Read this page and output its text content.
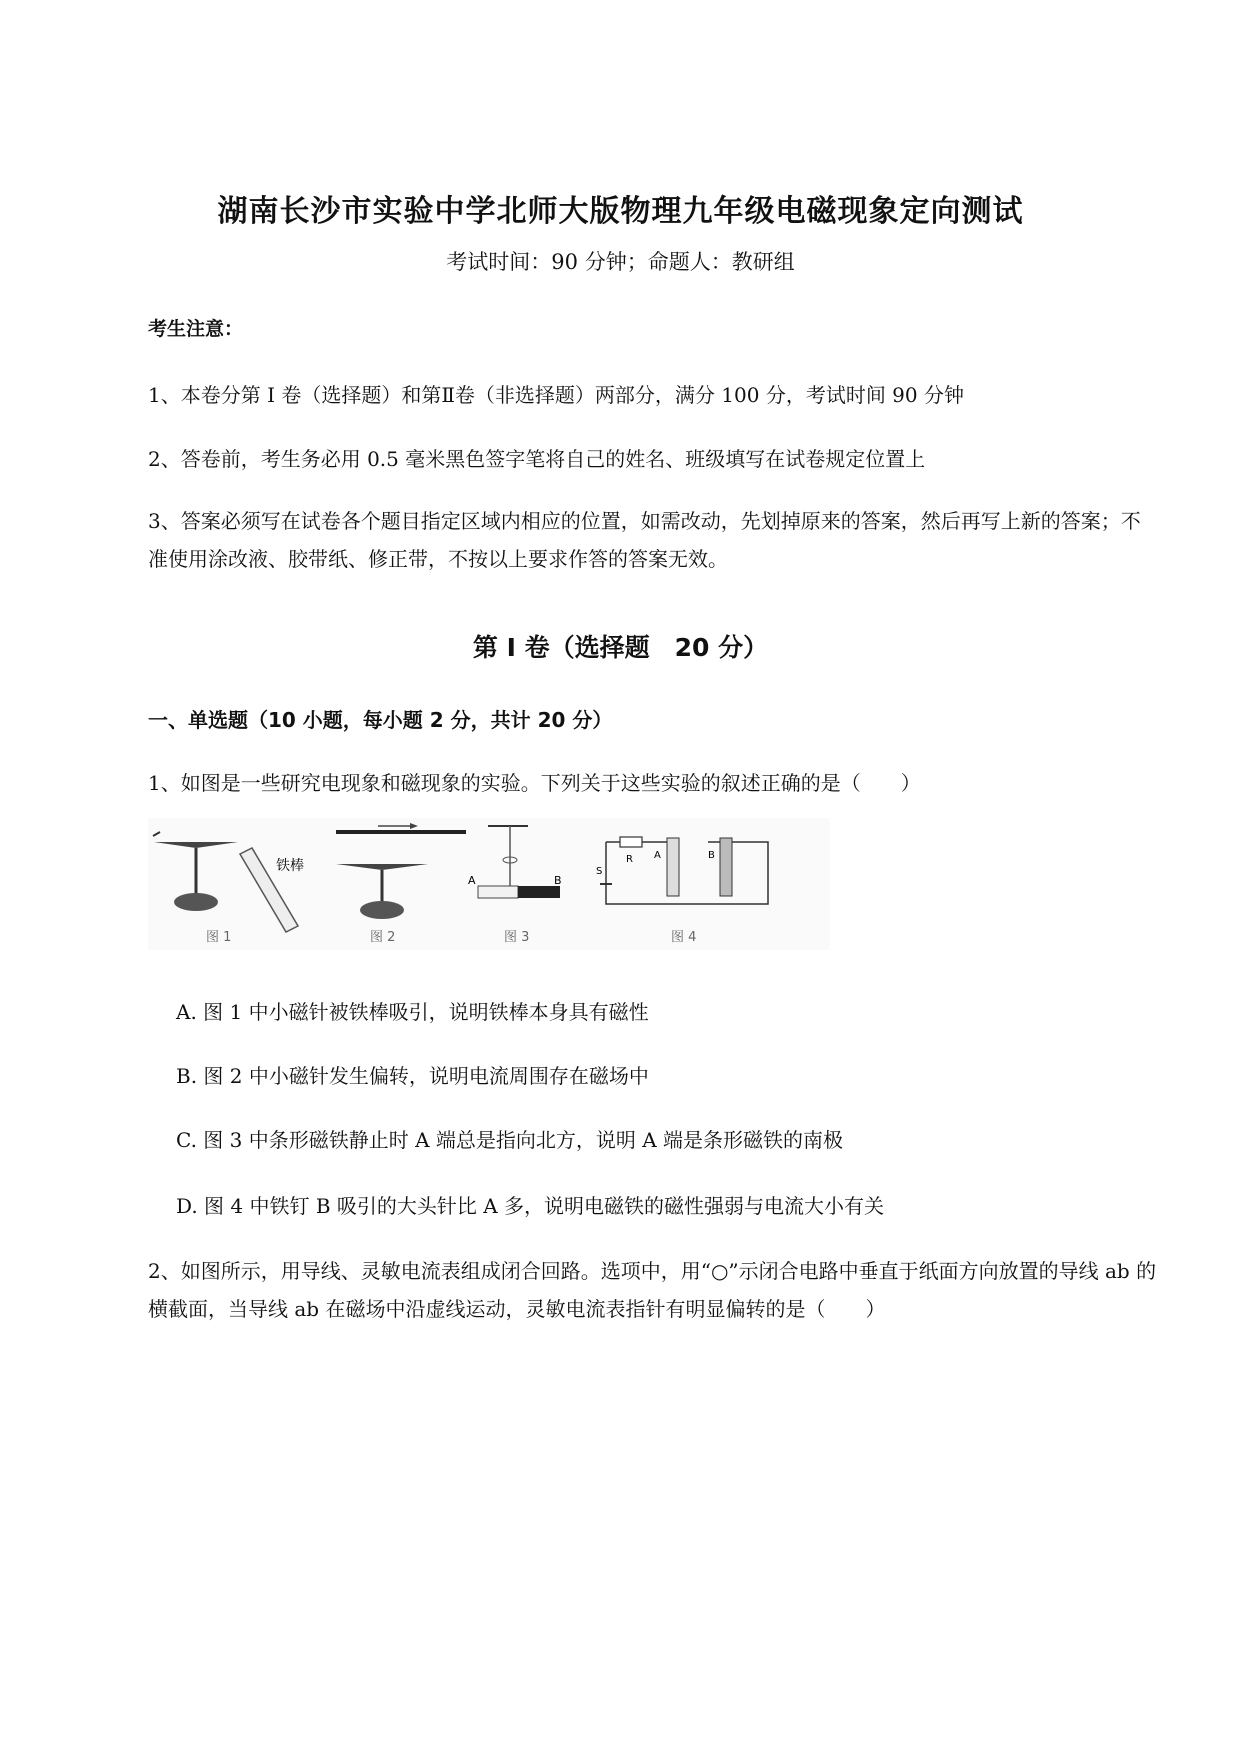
湖南长沙市实验中学北师大版物理九年级电磁现象定向测试
考试时间：90 分钟；命题人：教研组
考生注意：
1、本卷分第 I 卷（选择题）和第Ⅱ卷（非选择题）两部分，满分 100 分，考试时间 90 分钟
2、答卷前，考生务必用 0.5 毫米黑色签字笔将自己的姓名、班级填写在试卷规定位置上
3、答案必须写在试卷各个题目指定区域内相应的位置，如需改动，先划掉原来的答案，然后再写上新的答案；不准使用涂改液、胶带纸、修正带，不按以上要求作答的答案无效。
第 I 卷（选择题　20 分）
一、单选题（10 小题，每小题 2 分，共计 20 分）
1、如图是一些研究电现象和磁现象的实验。下列关于这些实验的叙述正确的是（　　）
铁棒
图 1	图 2
A	B
图 3
R
S
A	B
图 4
A. 图 1 中小磁针被铁棒吸引，说明铁棒本身具有磁性
B. 图 2 中小磁针发生偏转，说明电流周围存在磁场中
C. 图 3 中条形磁铁静止时 A 端总是指向北方，说明 A 端是条形磁铁的南极
D. 图 4 中铁钉 B 吸引的大头针比 A 多，说明电磁铁的磁性强弱与电流大小有关
2、如图所示，用导线、灵敏电流表组成闭合回路。选项中，用“○”示闭合电路中垂直于纸面方向放置的导线 ab 的横截面，当导线 ab 在磁场中沿虚线运动，灵敏电流表指针有明显偏转的是（　　）
